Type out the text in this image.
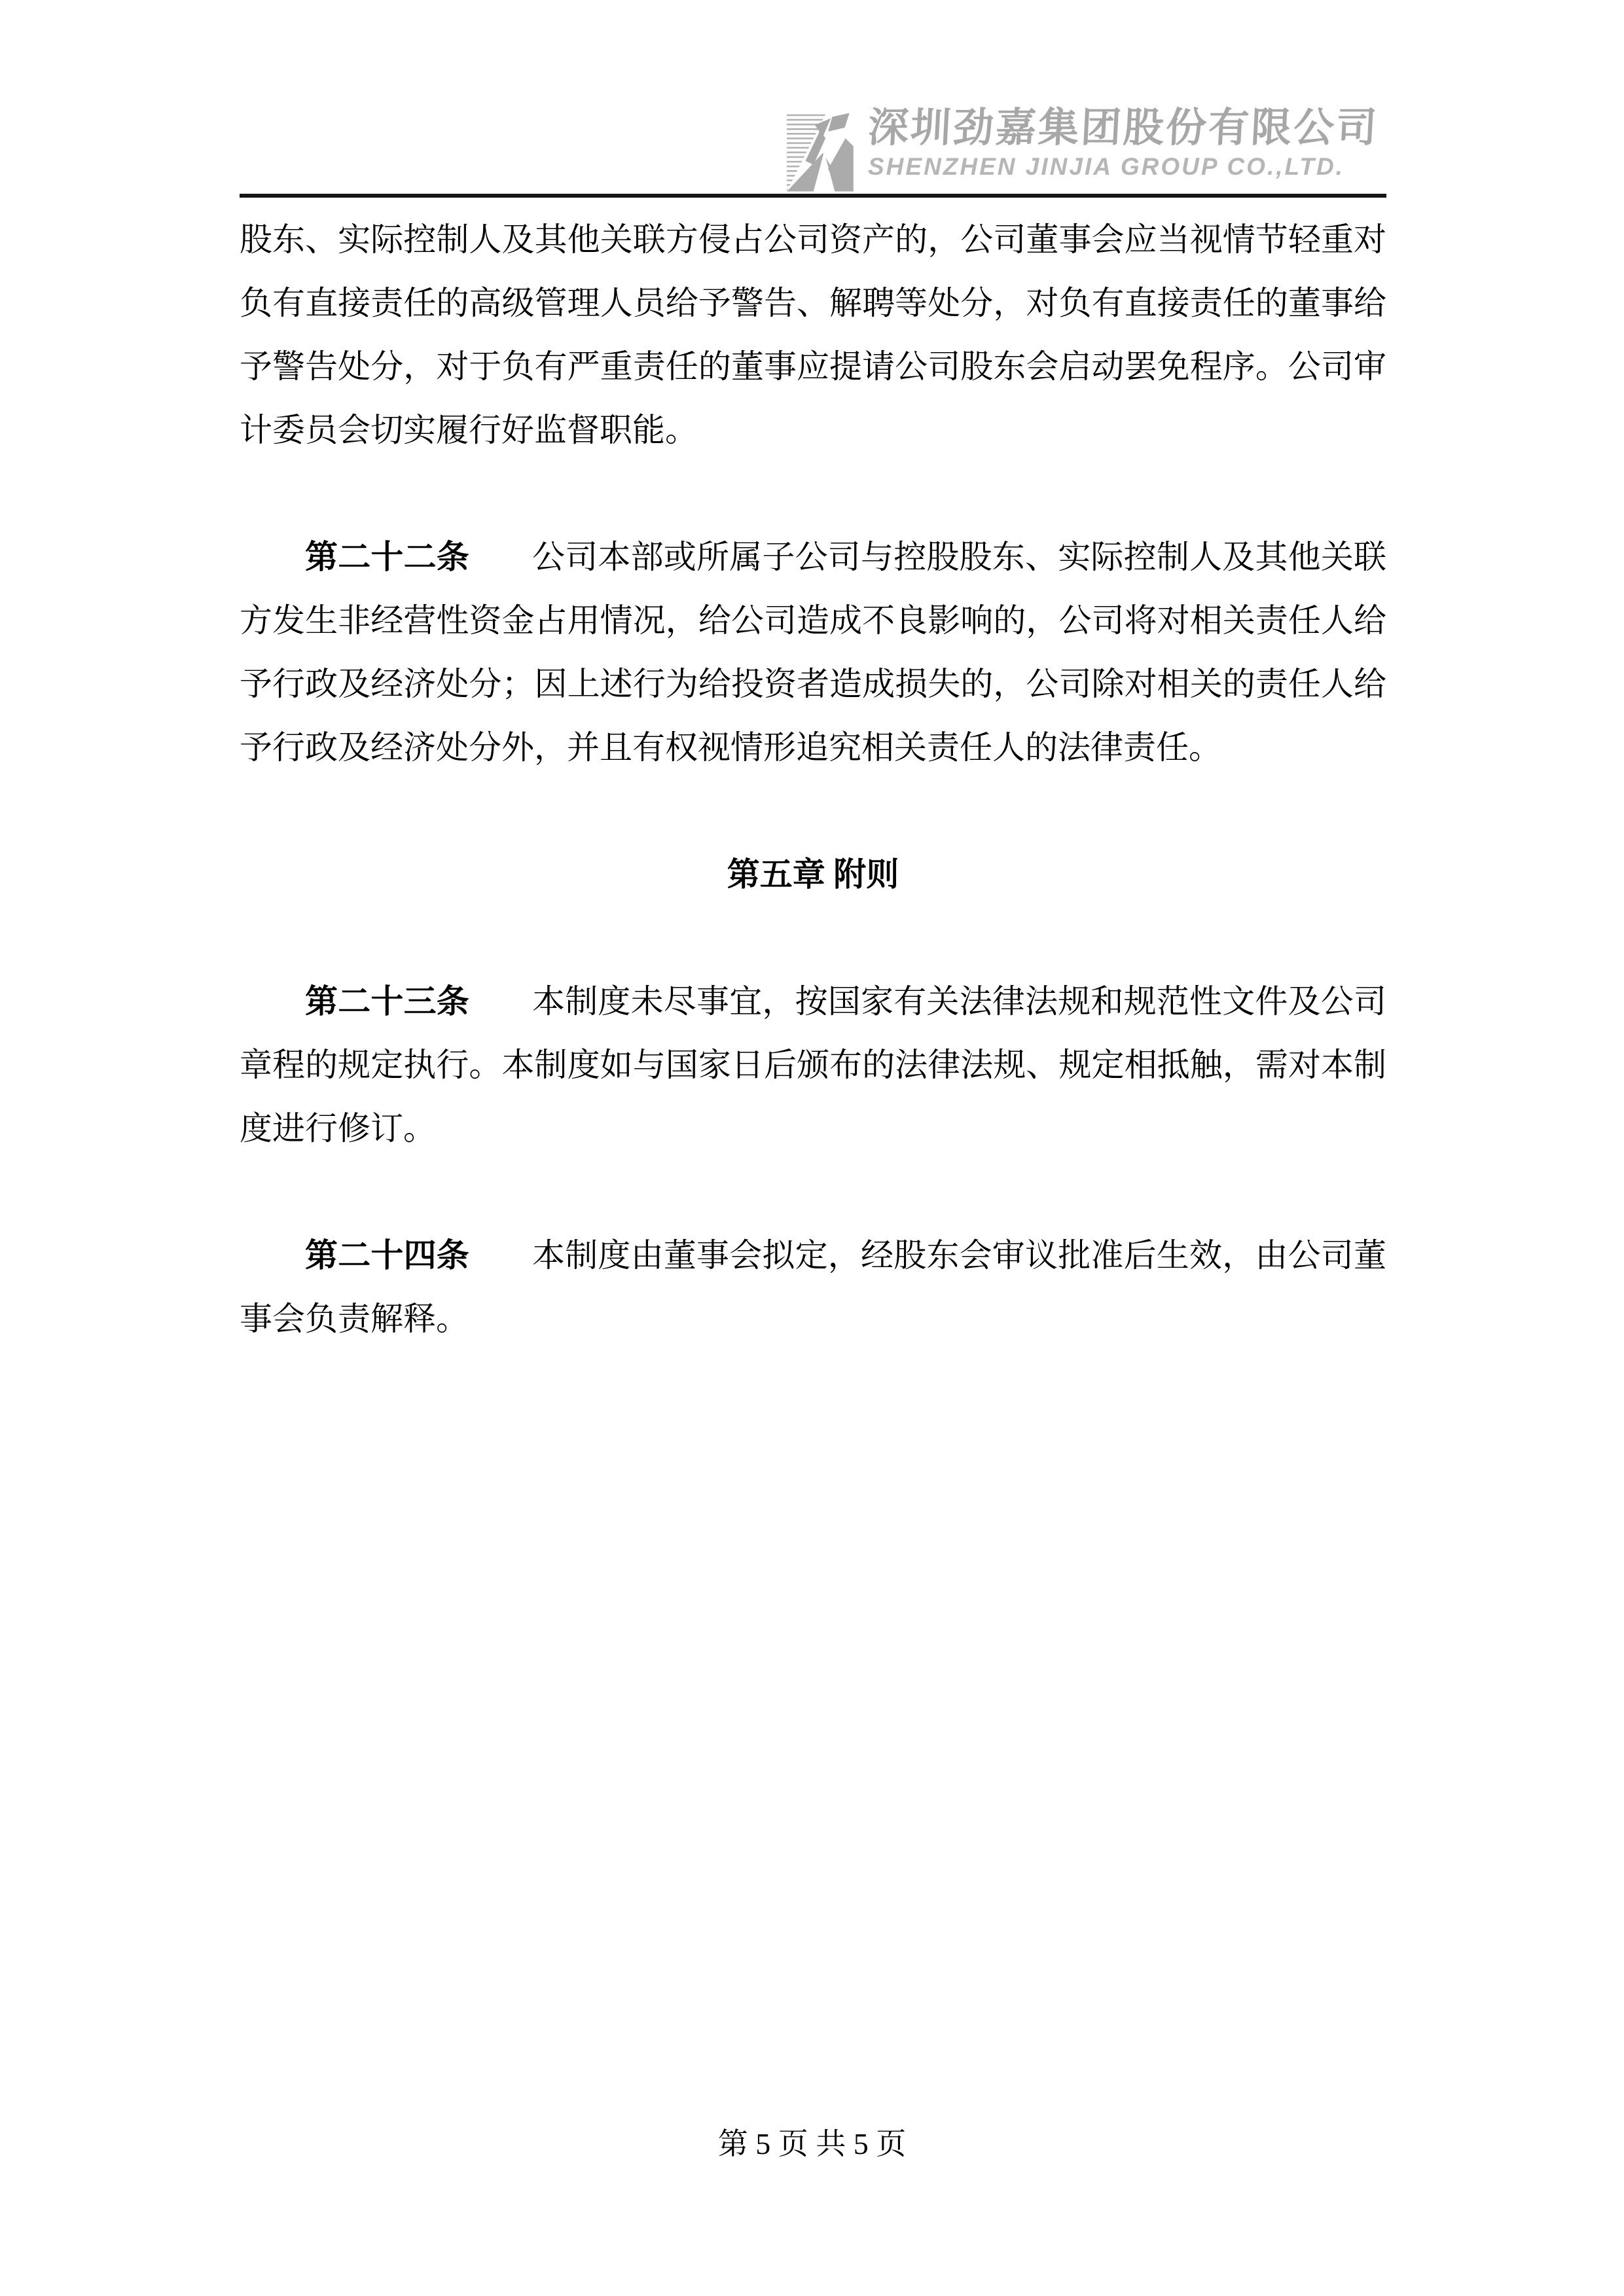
深圳劲嘉集团股份有限公司
SHENZHEN JINJIA GROUP CO.,LTD.
股东、实际控制人及其他关联方侵占公司资产的，公司董事会应当视情节轻重对
负有直接责任的高级管理人员给予警告、解聘等处分，对负有直接责任的董事给
予警告处分，对于负有严重责任的董事应提请公司股东会启动罢免程序。公司审
计委员会切实履行好监督职能。
第二十二条 公司本部或所属子公司与控股股东、实际控制人及其他关联
方发生非经营性资金占用情况，给公司造成不良影响的，公司将对相关责任人给
予行政及经济处分；因上述行为给投资者造成损失的，公司除对相关的责任人给
予行政及经济处分外，并且有权视情形追究相关责任人的法律责任。
第五章 附则
第二十三条 本制度未尽事宜，按国家有关法律法规和规范性文件及公司
章程的规定执行。本制度如与国家日后颁布的法律法规、规定相抵触，需对本制
度进行修订。
第二十四条 本制度由董事会拟定，经股东会审议批准后生效，由公司董
事会负责解释。
第 5 页 共 5 页
